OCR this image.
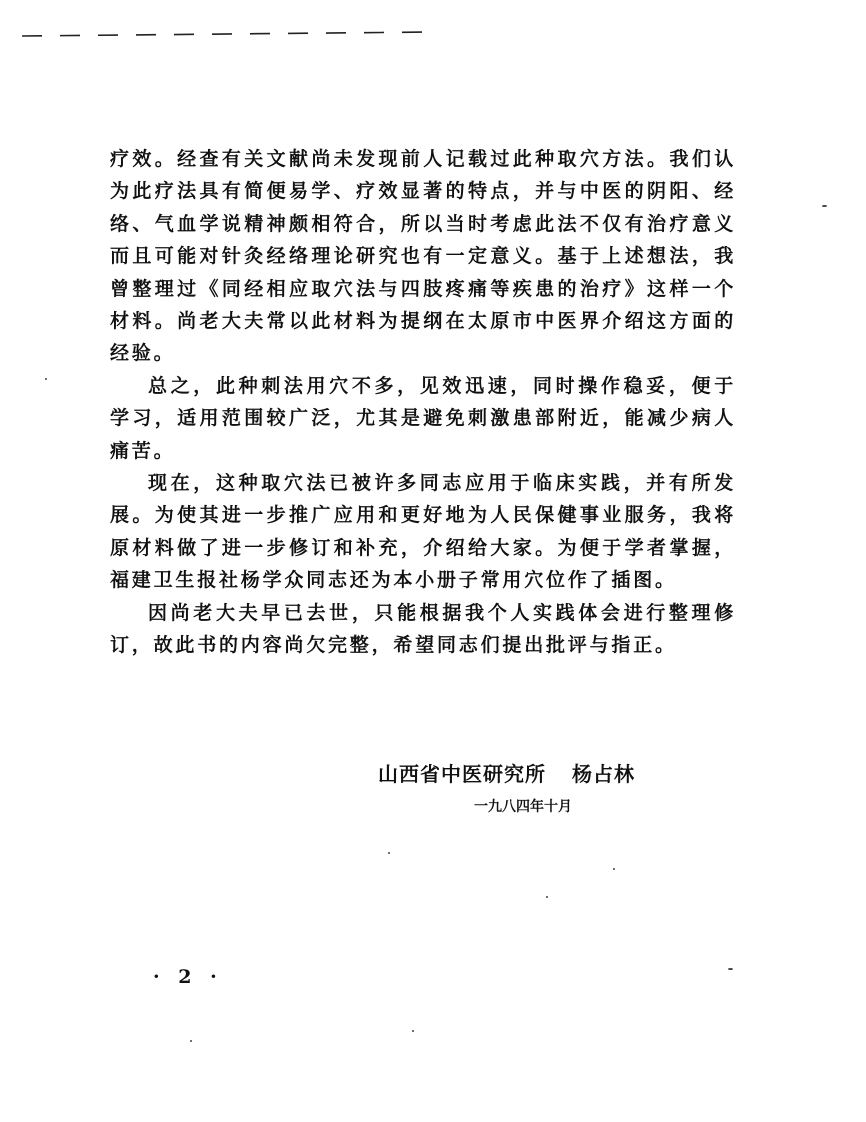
疗效。经查有关文献尚未发现前人记载过此种取穴方法。我们认为此疗法具有简便易学、疗效显著的特点，并与中医的阴阳、经络、气血学说精神颇相符合，所以当时考虑此法不仅有治疗意义而且可能对针灸经络理论研究也有一定意义。基于上述想法，我曾整理过《同经相应取穴法与四肢疼痛等疾患的治疗》这样一个材料。尚老大夫常以此材料为提纲在太原市中医界介绍这方面的经验。

总之，此种刺法用穴不多，见效迅速，同时操作稳妥，便于学习，适用范围较广泛，尤其是避免刺激患部附近，能减少病人痛苦。

现在，这种取穴法已被许多同志应用于临床实践，并有所发展。为使其进一步推广应用和更好地为人民保健事业服务，我将原材料做了进一步修订和补充，介绍给大家。为便于学者掌握，福建卫生报社杨学众同志还为本小册子常用穴位作了插图。

因尚老大夫早已去世，只能根据我个人实践体会进行整理修订，故此书的内容尚欠完整，希望同志们提出批评与指正。

山西省中医研究所 杨占林
一九八四年十月
· 2 ·
